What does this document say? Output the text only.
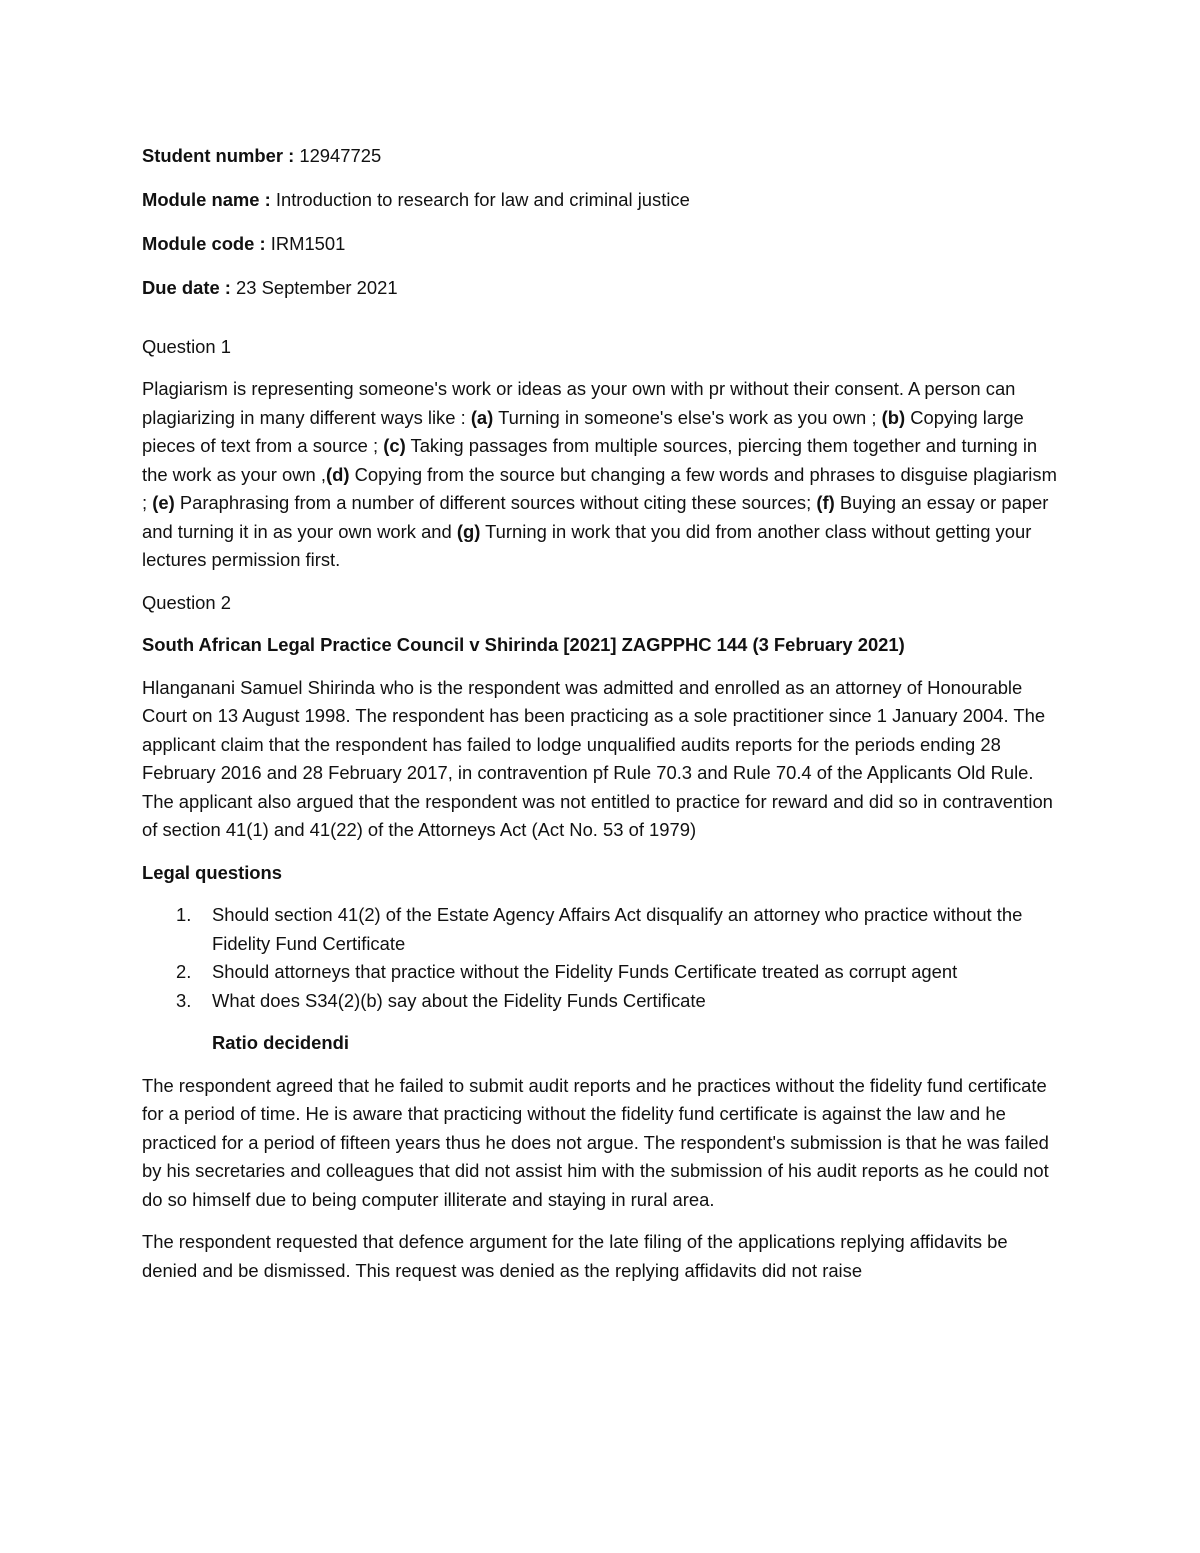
Student number : 12947725
Module name : Introduction to research for law and criminal justice
Module code : IRM1501
Due date : 23 September 2021
Question 1

Plagiarism is representing someone's work or ideas as your own with pr without their consent. A person can plagiarizing in many different ways like : (a) Turning in someone's else's work as you own ; (b) Copying large pieces of text from a source ; (c) Taking passages from multiple sources, piercing them together and turning in the work as your own ,(d) Copying from the source but changing a few words and phrases to disguise plagiarism ; (e) Paraphrasing from a number of different sources without citing these sources; (f) Buying an essay or paper and turning it in as your own work and (g) Turning in work that you did from another class without getting your lectures permission first.

Question 2
South African Legal Practice Council v Shirinda [2021] ZAGPPHC 144 (3 February 2021)

Hlanganani Samuel Shirinda who is the respondent was admitted and enrolled as an attorney of Honourable Court on 13 August 1998. The respondent has been practicing as a sole practitioner since 1 January 2004. The applicant claim that the respondent has failed to lodge unqualified audits reports for the periods ending 28 February 2016 and 28 February 2017, in contravention pf Rule 70.3 and Rule 70.4 of the Applicants Old Rule. The applicant also argued that the respondent was not entitled to practice for reward and did so in contravention of section 41(1) and 41(22) of the Attorneys Act (Act No. 53 of 1979)

Legal questions
1. Should section 41(2) of the Estate Agency Affairs Act disqualify an attorney who practice without the Fidelity Fund Certificate
2. Should attorneys that practice without the Fidelity Funds Certificate treated as corrupt agent
3. What does S34(2)(b) say about the Fidelity Funds Certificate
Ratio decidendi

The respondent agreed that he failed to submit audit reports and he practices without the fidelity fund certificate for a period of time. He is aware that practicing without the fidelity fund certificate is against the law and he practiced for a period of fifteen years thus he does not argue. The respondent's submission is that he was failed by his secretaries and colleagues that did not assist him with the submission of his audit reports as he could not do so himself due to being computer illiterate and staying in rural area.

The respondent requested that defence argument for the late filing of the applications replying affidavits be denied and be dismissed. This request was denied as the replying affidavits did not raise
